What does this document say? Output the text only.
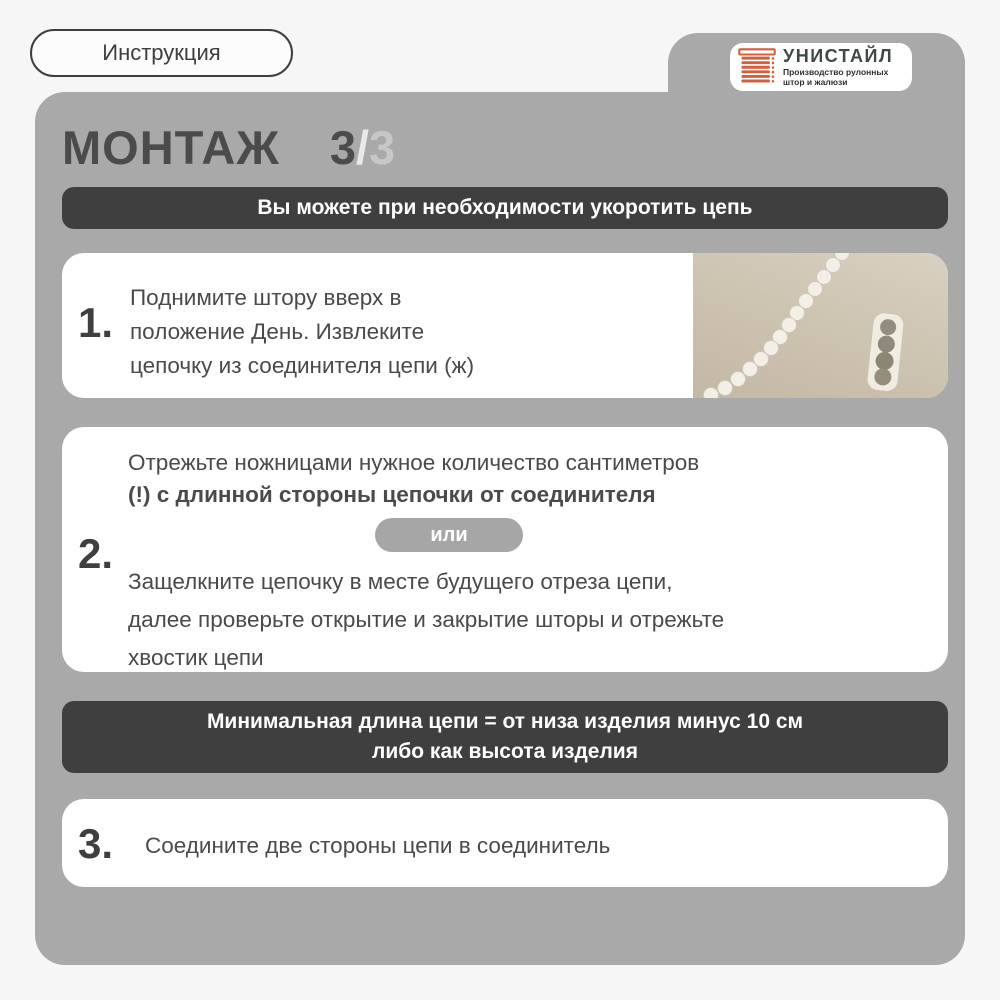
Инструкция	УНИСТАЙЛ
Производство рулонных
штор и жалюзи
МОНТАЖ 3/3
Вы можете при необходимости укоротить цепь
1.
Поднимите штору вверх в
положение День. Извлеките
цепочку из соединителя цепи (ж)
2.
Отрежьте ножницами нужное количество сантиметров
(!) с длинной стороны цепочки от соединителя
или
Защелкните цепочку в месте будущего отреза цепи,
далее проверьте открытие и закрытие шторы и отрежьте
хвостик цепи
Минимальная длина цепи = от низа изделия минус 10 см
либо как высота изделия
3. Соедините две стороны цепи в соединитель
